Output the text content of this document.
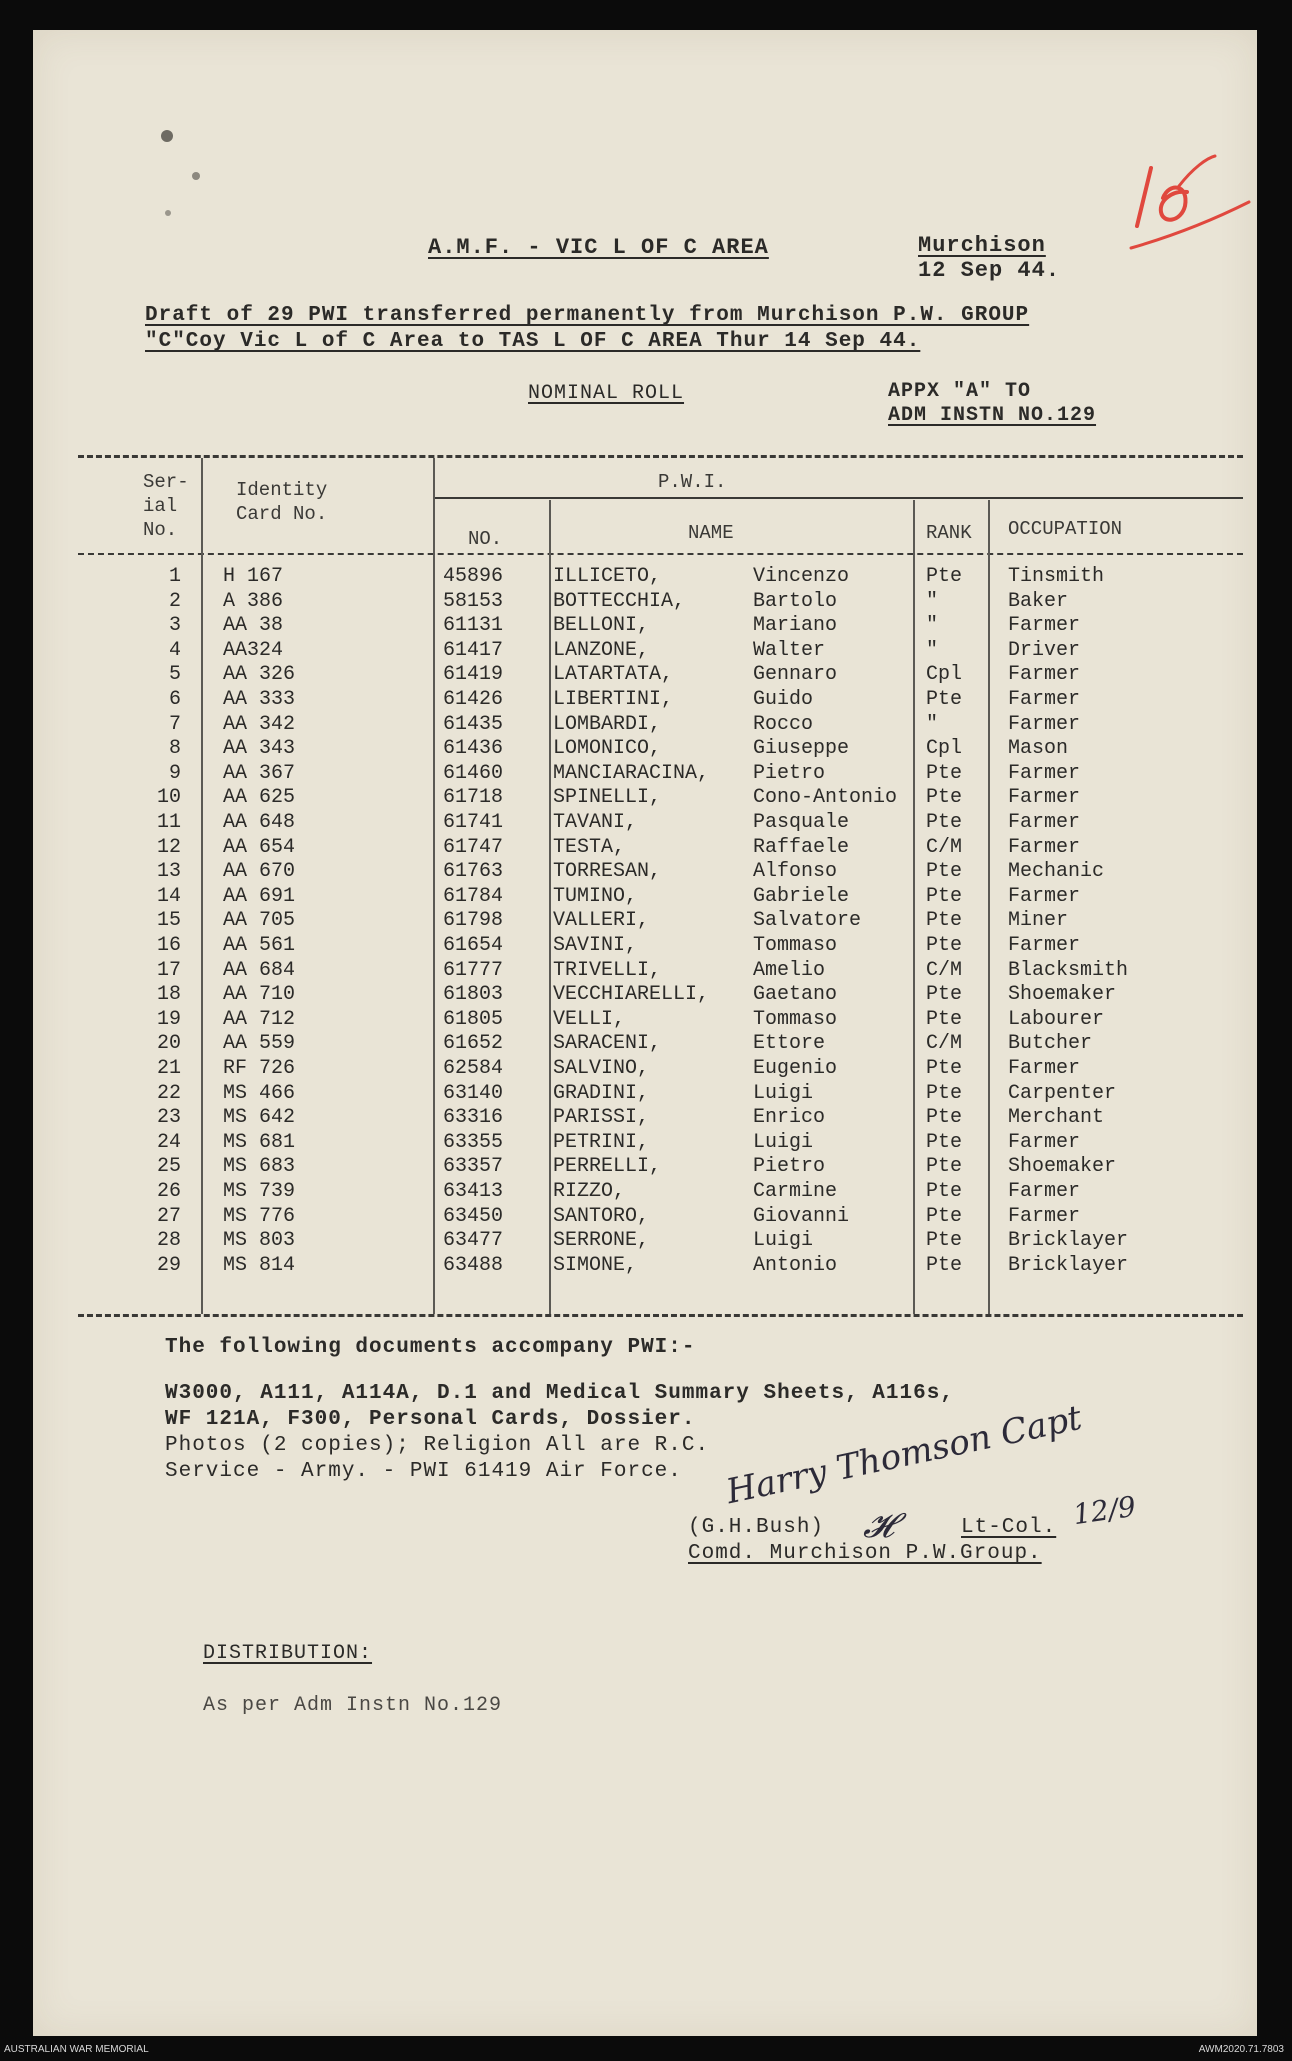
A.M.F. - VIC L OF C AREA	Murchison
12 Sep 44.
Draft of 29 PWI transferred permanently from Murchison P.W. GROUP
"C"Coy Vic L of C Area to TAS L OF C AREA Thur 14 Sep 44.
NOMINAL ROLL	APPX "A" TO
ADM INSTN NO.129
Ser-
ial
No.
Identity
Card No.
P.W.I.
NO.	NAME	RANK OCCUPATION
1 H 167	45896 ILLICETO,	Vincenzo	Pte Tinsmith
2 A 386	58153 BOTTECCHIA,	Bartolo	"	Baker
3 AA 38	61131 BELLONI,	Mariano	"	Farmer
4 AA324	61417 LANZONE,	Walter	"	Driver
5 AA 326	61419 LATARTATA,	Gennaro	Cpl Farmer
6 AA 333	61426 LIBERTINI,	Guido	Pte Farmer
7 AA 342	61435 LOMBARDI,	Rocco	"	Farmer
8 AA 343	61436 LOMONICO,	Giuseppe	Cpl Mason
9 AA 367	61460 MANCIARACINA, Pietro	Pte Farmer
10 AA 625	61718 SPINELLI,	Cono-Antonio Pte Farmer
11 AA 648	61741 TAVANI,	Pasquale	Pte Farmer
12 AA 654	61747 TESTA,	Raffaele	C/M Farmer
13 AA 670	61763 TORRESAN,	Alfonso	Pte Mechanic
14 AA 691	61784 TUMINO,	Gabriele	Pte Farmer
15 AA 705	61798 VALLERI,	Salvatore	Pte Miner
16 AA 561	61654 SAVINI,	Tommaso	Pte Farmer
17 AA 684	61777 TRIVELLI,	Amelio	C/M Blacksmith
18 AA 710	61803 VECCHIARELLI, Gaetano	Pte Shoemaker
19 AA 712	61805 VELLI,	Tommaso	Pte Labourer
20 AA 559	61652 SARACENI,	Ettore	C/M Butcher
21 RF 726	62584 SALVINO,	Eugenio	Pte Farmer
22 MS 466	63140 GRADINI,	Luigi	Pte Carpenter
23 MS 642	63316 PARISSI,	Enrico	Pte Merchant
24 MS 681	63355 PETRINI,	Luigi	Pte Farmer
25 MS 683	63357 PERRELLI,	Pietro	Pte Shoemaker
26 MS 739	63413 RIZZO,	Carmine	Pte Farmer
27 MS 776	63450 SANTORO,	Giovanni	Pte Farmer
28 MS 803	63477 SERRONE,	Luigi	Pte Bricklayer
29 MS 814	63488 SIMONE,	Antonio	Pte Bricklayer
The following documents accompany PWI:-
W3000, A111, A114A, D.1 and Medical Summary Sheets, A116s,
WF 121A, F300, Personal Cards, Dossier.
Photos (2 copies); Religion All are R.C.
Service - Army. - PWI 61419 Air Force. Harry Thomson Capt
(G.H.Bush) 𝓗	Lt-Col. 12/9
Comd. Murchison P.W.Group.
DISTRIBUTION:
As per Adm Instn No.129
AUSTRALIAN WAR MEMORIAL	AWM2020.71.7803
